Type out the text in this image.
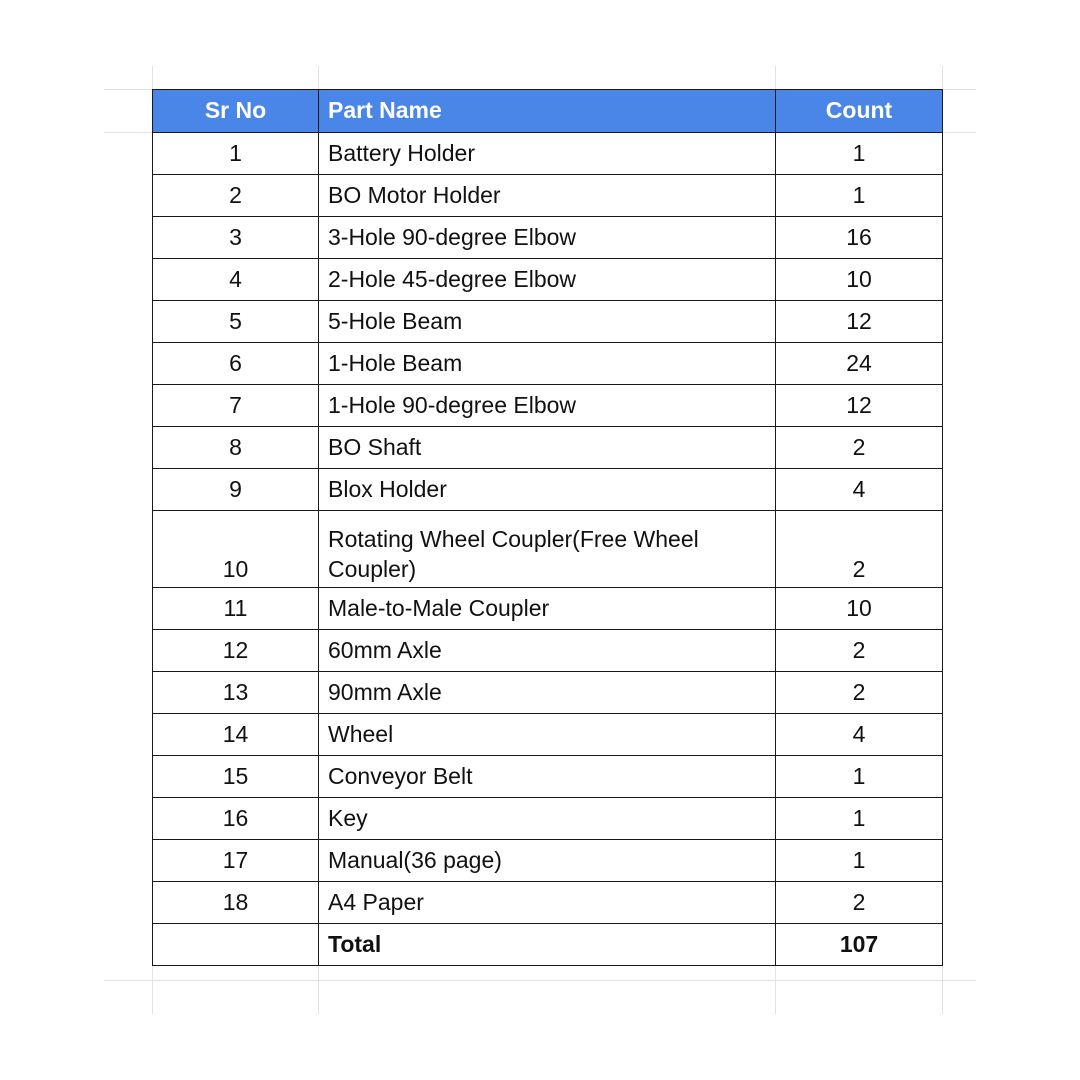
Sr No	Part Name	Count
1	Battery Holder	1
2	BO Motor Holder	1
3	3-Hole 90-degree Elbow	16
4	2-Hole 45-degree Elbow	10
5	5-Hole Beam	12
6	1-Hole Beam	24
7	1-Hole 90-degree Elbow	12
8	BO Shaft	2
9	Blox Holder	4
10	Rotating Wheel Coupler(Free Wheel Coupler)	2
11	Male-to-Male Coupler	10
12	60mm Axle	2
13	90mm Axle	2
14	Wheel	4
15	Conveyor Belt	1
16	Key	1
17	Manual(36 page)	1
18	A4 Paper	2
	Total	107
